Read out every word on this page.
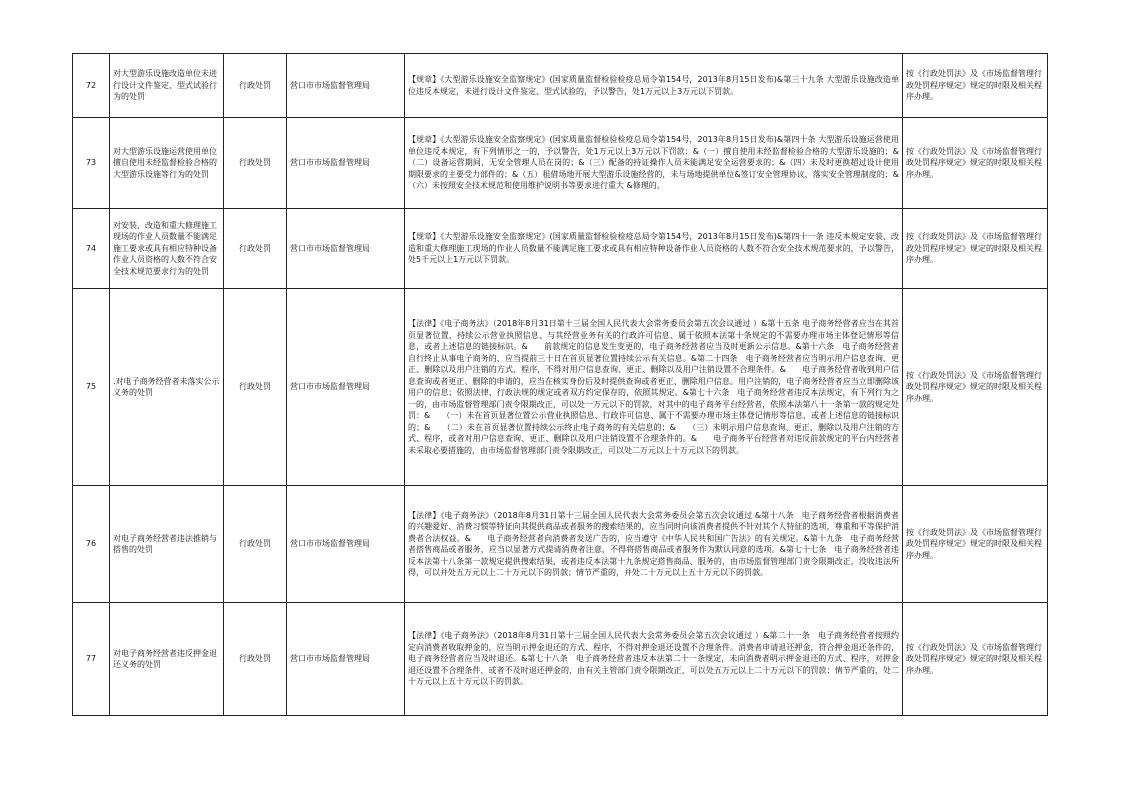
72	对大型游乐设施改造单位未进行设计文件鉴定、型式试验行为的处罚	行政处罚	营口市市场监督管理局	【规章】《大型游乐设施安全监察规定》(国家质量监督检验检疫总局令第154号，2013年8月15日发布)&第三十九条 大型游乐设施改造单位违反本规定，未进行设计文件鉴定、型式试验的，予以警告，处1万元以上3万元以下罚款。	按《行政处罚法》及《市场监督管理行政处罚程序规定》规定的时限及相关程序办理。
73	对大型游乐设施运营使用单位擅自使用未经监督检验合格的大型游乐设施等行为的处罚	行政处罚	营口市市场监督管理局	【规章】《大型游乐设施安全监察规定》(国家质量监督检验检疫总局令第154号，2013年8月15日发布)&第四十条 大型游乐设施运营使用单位违反本规定，有下列情形之一的，予以警告，处1万元以上3万元以下罚款：&（一）擅自使用未经监督检验合格的大型游乐设施的；&（二）设备运营期间，无安全管理人员在岗的；&（三）配备的持证操作人员未能满足安全运营要求的；&（四）未及时更换超过设计使用期限要求的主要受力部件的；&（五）租借场地开展大型游乐设施经营的，未与场地提供单位&签订安全管理协议，落实安全管理制度的；&（六）未按照安全技术规范和使用维护说明书等要求进行重大 &修理的。	按《行政处罚法》及《市场监督管理行政处罚程序规定》规定的时限及相关程序办理。
74	对安装、改造和重大修理施工现场的作业人员数量不能满足施工要求或具有相应特种设备作业人员资格的人数不符合安全技术规范要求行为的处罚	行政处罚	营口市市场监督管理局	【规章】《大型游乐设施安全监察规定》(国家质量监督检验检疫总局令第154号，2013年8月15日发布)&第四十一条 违反本规定安装、改造和重大修理施工现场的作业人员数量不能满足施工要求或具有相应特种设备作业人员资格的人数不符合安全技术规范要求的，予以警告，处5千元以上1万元以下罚款。	按《行政处罚法》及《市场监督管理行政处罚程序规定》规定的时限及相关程序办理。
75	.对电子商务经营者未落实公示义务的处罚	行政处罚	营口市市场监督管理局	【法律】《电子商务法》（2018年8月31日第十三届全国人民代表大会常务委员会第五次会议通过 ）&第十五条 电子商务经营者应当在其首页显著位置，持续公示营业执照信息、与其经营业务有关的行政许可信息、属于依照本法第十条规定的不需要办理市场主体登记情形等信息，或者上述信息的链接标识。&　　前款规定的信息发生变更的，电子商务经营者应当及时更新公示信息。&第十六条　电子商务经营者自行终止从事电子商务的，应当提前三十日在首页显著位置持续公示有关信息。&第二十四条　电子商务经营者应当明示用户信息查询、更正、删除以及用户注销的方式、程序，不得对用户信息查询、更正、删除以及用户注销设置不合理条件。&　　电子商务经营者收到用户信息查询或者更正、删除的申请的，应当在核实身份后及时提供查询或者更正、删除用户信息。用户注销的，电子商务经营者应当立即删除该用户的信息；依照法律、行政法规的规定或者双方约定保存的，依照其规定。&第七十六条　电子商务经营者违反本法规定，有下列行为之一的，由市场监督管理部门责令限期改正，可以处一万元以下的罚款，对其中的电子商务平台经营者，依照本法第八十一条第一款的规定处罚：&　　（一）未在首页显著位置公示营业执照信息、行政许可信息、属于不需要办理市场主体登记情形等信息，或者上述信息的链接标识的；&　　（二）未在首页显著位置持续公示终止电子商务的有关信息的；&　　（三）未明示用户信息查询、更正、删除以及用户注销的方式、程序，或者对用户信息查询、更正、删除以及用户注销设置不合理条件的。&　　电子商务平台经营者对违反前款规定的平台内经营者未采取必要措施的，由市场监督管理部门责令限期改正，可以处二万元以上十万元以下的罚款。	按《行政处罚法》及《市场监督管理行政处罚程序规定》规定的时限及相关程序办理。
76	对电子商务经营者违法推销与搭售的处罚	行政处罚	营口市市场监督管理局	【法律】《电子商务法》（2018年8月31日第十三届全国人民代表大会常务委员会第五次会议通过 &第十八条　电子商务经营者根据消费者的兴趣爱好、消费习惯等特征向其提供商品或者服务的搜索结果的，应当同时向该消费者提供不针对其个人特征的选项，尊重和平等保护消费者合法权益。&　　电子商务经营者向消费者发送广告的，应当遵守《中华人民共和国广告法》的有关规定。&第十九条　电子商务经营者搭售商品或者服务，应当以显著方式提请消费者注意，不得将搭售商品或者服务作为默认同意的选项。&第七十七条　电子商务经营者违反本法第十八条第一款规定提供搜索结果，或者违反本法第十九条规定搭售商品、服务的，由市场监督管理部门责令限期改正，没收违法所得，可以并处五万元以上二十万元以下的罚款；情节严重的，并处二十万元以上五十万元以下的罚款。	按《行政处罚法》及《市场监督管理行政处罚程序规定》规定的时限及相关程序办理。
77	对电子商务经营者违反押金退还义务的处罚	行政处罚	营口市市场监督管理局	【法律】《电子商务法》（2018年8月31日第十三届全国人民代表大会常务委员会第五次会议通过 ）&第二十一条　电子商务经营者按照约定向消费者收取押金的，应当明示押金退还的方式、程序，不得对押金退还设置不合理条件。消费者申请退还押金，符合押金退还条件的，电子商务经营者应当及时退还。&第七十八条　电子商务经营者违反本法第二十一条规定，未向消费者明示押金退还的方式、程序，对押金退还设置不合理条件，或者不及时退还押金的，由有关主管部门责令限期改正，可以处五万元以上二十万元以下的罚款；情节严重的，处二十万元以上五十万元以下的罚款。	按《行政处罚法》及《市场监督管理行政处罚程序规定》规定的时限及相关程序办理。
